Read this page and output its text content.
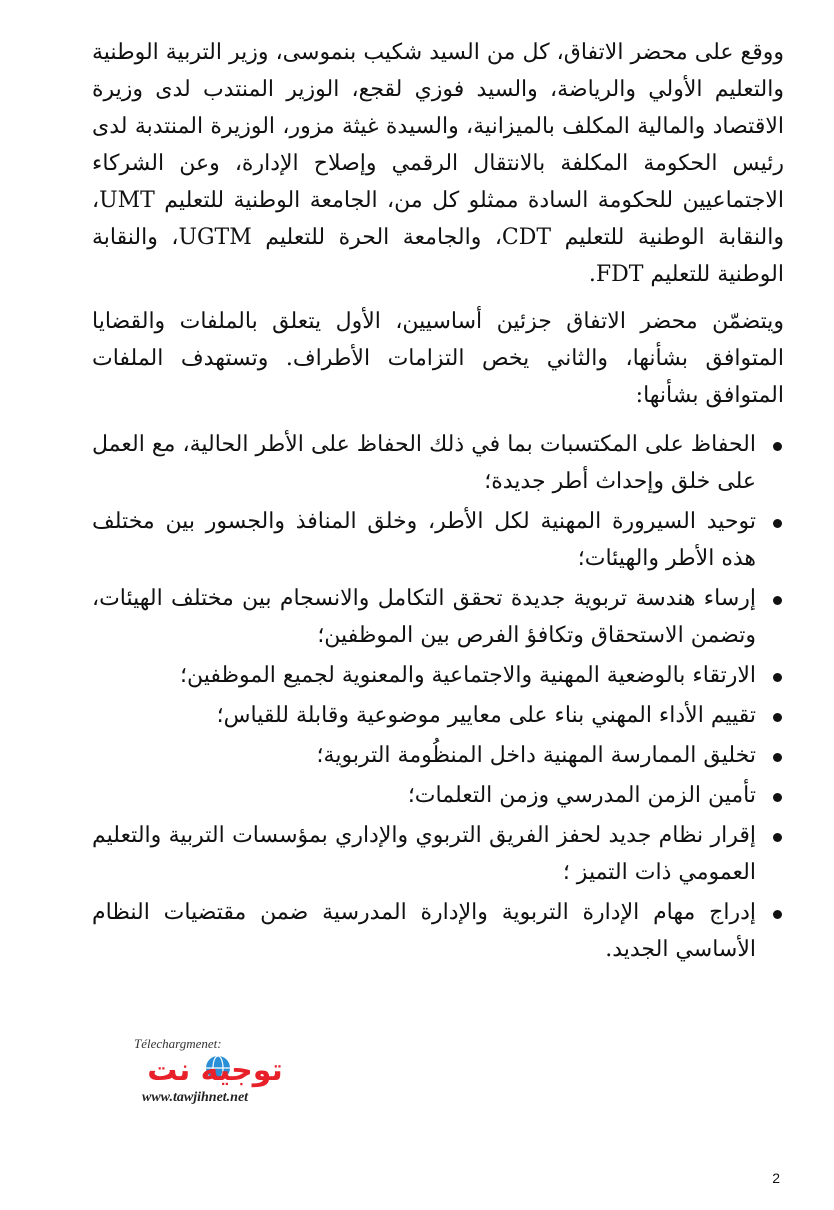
ووقع على محضر الاتفاق، كل من السيد شكيب بنموسى، وزير التربية الوطنية والتعليم الأولي والرياضة، والسيد فوزي لقجع، الوزير المنتدب لدى وزيرة الاقتصاد والمالية المكلف بالميزانية، والسيدة غيثة مزور، الوزيرة المنتدبة لدى رئيس الحكومة المكلفة بالانتقال الرقمي وإصلاح الإدارة، وعن الشركاء الاجتماعيين للحكومة السادة ممثلو كل من، الجامعة الوطنية للتعليم UMT، والنقابة الوطنية للتعليم CDT، والجامعة الحرة للتعليم UGTM، والنقابة الوطنية للتعليم FDT.

ويتضمّن محضر الاتفاق جزئين أساسيين، الأول يتعلق بالملفات والقضايا المتوافق بشأنها، والثاني يخص التزامات الأطراف. وتستهدف الملفات المتوافق بشأنها:

الحفاظ على المكتسبات بما في ذلك الحفاظ على الأطر الحالية، مع العمل على خلق وإحداث أطر جديدة؛
توحيد السيرورة المهنية لكل الأطر، وخلق المنافذ والجسور بين مختلف هذه الأطر والهيئات؛
إرساء هندسة تربوية جديدة تحقق التكامل والانسجام بين مختلف الهيئات، وتضمن الاستحقاق وتكافؤ الفرص بين الموظفين؛
الارتقاء بالوضعية المهنية والاجتماعية والمعنوية لجميع الموظفين؛
تقييم الأداء المهني بناء على معايير موضوعية وقابلة للقياس؛
تخليق الممارسة المهنية داخل المنظُومة التربوية؛
تأمين الزمن المدرسي وزمن التعلمات؛
إقرار نظام جديد لحفز الفريق التربوي والإداري بمؤسسات التربية والتعليم العمومي ذات التميز ؛
إدراج مهام الإدارة التربوية والإدارة المدرسية ضمن مقتضيات النظام الأساسي الجديد.
Télechargmenet:
توجيه نت
www.tawjihnet.net
2
